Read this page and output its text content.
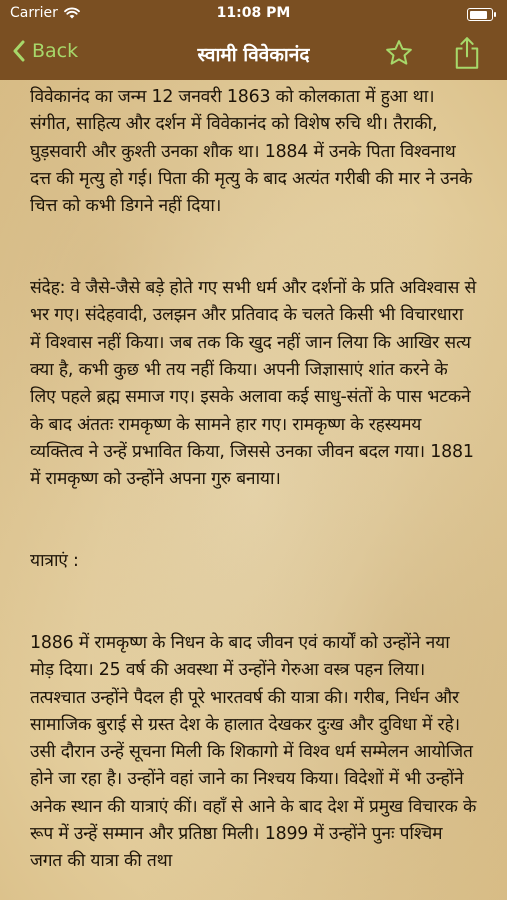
Carrier	11:08 PM
Back	स्वामी विवेकानंद

विवेकानंद का जन्म 12 जनवरी 1863 को कोलकाता में हुआ था। संगीत, साहित्य और दर्शन में विवेकानंद को विशेष रुचि थी। तैराकी, घुड़सवारी और कुश्ती उनका शौक था। 1884 में उनके पिता विश्वनाथ दत्त की मृत्यु हो गई। पिता की मृत्यु के बाद अत्यंत गरीबी की मार ने उनके चित्त को कभी डिगने नहीं दिया।

संदेह: वे जैसे-जैसे बड़े होते गए सभी धर्म और दर्शनों के प्रति अविश्वास से भर गए। संदेहवादी, उलझन और प्रतिवाद के चलते किसी भी विचारधारा में विश्वास नहीं किया। जब तक कि खुद नहीं जान लिया कि आखिर सत्य क्या है, कभी कुछ भी तय नहीं किया। अपनी जिज्ञासाएं शांत करने के लिए पहले ब्रह्म समाज गए। इसके अलावा कई साधु-संतों के पास भटकने के बाद अंततः रामकृष्ण के सामने हार गए। रामकृष्ण के रहस्यमय व्यक्तित्व ने उन्हें प्रभावित किया, जिससे उनका जीवन बदल गया। 1881 में रामकृष्ण को उन्होंने अपना गुरु बनाया।

यात्राएं :

1886 में रामकृष्ण के निधन के बाद जीवन एवं कार्यों को उन्होंने नया मोड़ दिया। 25 वर्ष की अवस्था में उन्होंने गेरुआ वस्त्र पहन लिया। तत्पश्चात उन्होंने पैदल ही पूरे भारतवर्ष की यात्रा की। गरीब, निर्धन और सामाजिक बुराई से ग्रस्त देश के हालात देखकर दुःख और दुविधा में रहे। उसी दौरान उन्हें सूचना मिली कि शिकागो में विश्व धर्म सम्मेलन आयोजित होने जा रहा है। उन्होंने वहां जाने का निश्चय किया। विदेशों में भी उन्होंने अनेक स्थान की यात्राएं कीं। वहाँ से आने के बाद देश में प्रमुख विचारक के रूप में उन्हें सम्मान और प्रतिष्ठा मिली। 1899 में उन्होंने पुनः पश्चिम जगत की यात्रा की तथा
